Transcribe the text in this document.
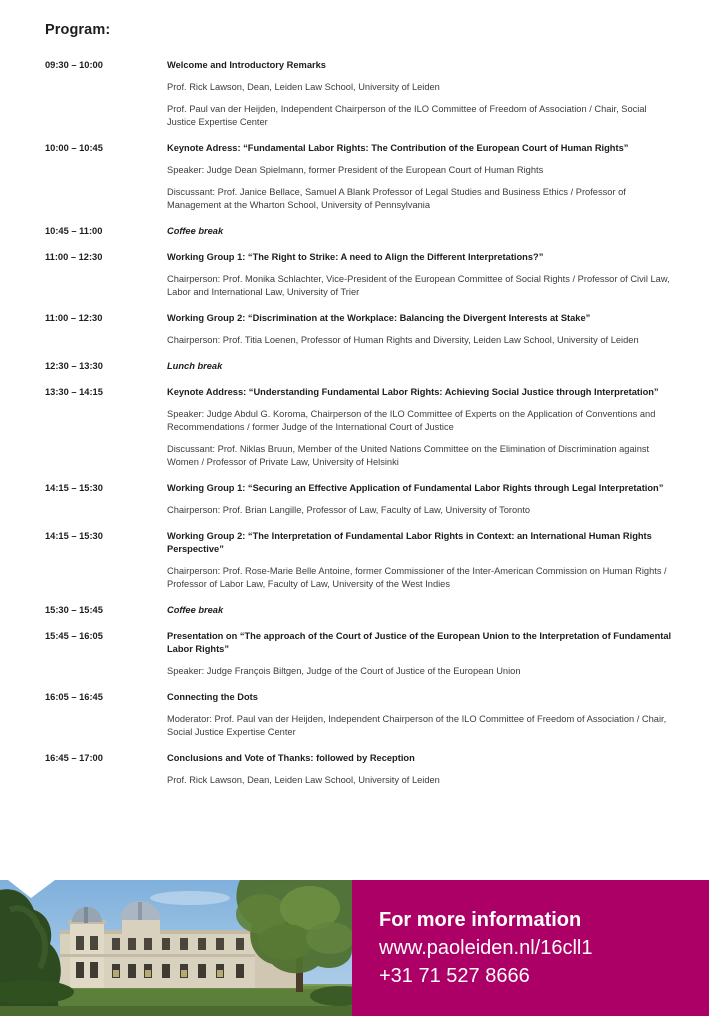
Program:
09:30 – 10:00	Welcome and Introductory Remarks

Prof. Rick Lawson, Dean, Leiden Law School, University of Leiden

Prof. Paul van der Heijden, Independent Chairperson of the ILO Committee of Freedom of Association / Chair, Social Justice Expertise Center

10:00 – 10:45	Keynote Adress: “Fundamental Labor Rights: The Contribution of the European Court of Human Rights”

Speaker: Judge Dean Spielmann, former President of the European Court of Human Rights

Discussant: Prof. Janice Bellace, Samuel A Blank Professor of Legal Studies and Business Ethics / Professor of Management at the Wharton School, University of Pennsylvania

10:45 – 11:00	Coffee break

11:00 – 12:30	Working Group 1: “The Right to Strike: A need to Align the Different Interpretations?”

Chairperson: Prof. Monika Schlachter, Vice-President of the European Committee of Social Rights / Professor of Civil Law, Labor and International Law, University of Trier

11:00 – 12:30	Working Group 2: “Discrimination at the Workplace: Balancing the Divergent Interests at Stake”

Chairperson: Prof. Titia Loenen, Professor of Human Rights and Diversity, Leiden Law School, University of Leiden

12:30 – 13:30	Lunch break

13:30 – 14:15	Keynote Address: “Understanding Fundamental Labor Rights: Achieving Social Justice through Interpretation”

Speaker: Judge Abdul G. Koroma, Chairperson of the ILO Committee of Experts on the Application of Conventions and Recommendations / former Judge of the International Court of Justice

Discussant: Prof. Niklas Bruun, Member of the United Nations Committee on the Elimination of Discrimination against Women / Professor of Private Law, University of Helsinki

14:15 – 15:30	Working Group 1: “Securing an Effective Application of Fundamental Labor Rights through Legal Interpretation”

Chairperson: Prof. Brian Langille, Professor of Law, Faculty of Law, University of Toronto

14:15 – 15:30	Working Group 2: “The Interpretation of Fundamental Labor Rights in Context: an International Human Rights Perspective”

Chairperson: Prof. Rose-Marie Belle Antoine, former Commissioner of the Inter-American Commission on Human Rights / Professor of Labor Law, Faculty of Law, University of the West Indies

15:30 – 15:45	Coffee break

15:45 – 16:05	Presentation on “The approach of the Court of Justice of the European Union to the Interpretation of Fundamental Labor Rights”

Speaker: Judge François Biltgen, Judge of the Court of Justice of the European Union

16:05 – 16:45	Connecting the Dots

Moderator: Prof. Paul van der Heijden, Independent Chairperson of the ILO Committee of Freedom of Association / Chair, Social Justice Expertise Center

16:45 – 17:00	Conclusions and Vote of Thanks: followed by Reception

Prof. Rick Lawson, Dean, Leiden Law School, University of Leiden

For more information

www.paoleiden.nl/16cll1

+31 71 527 8666
